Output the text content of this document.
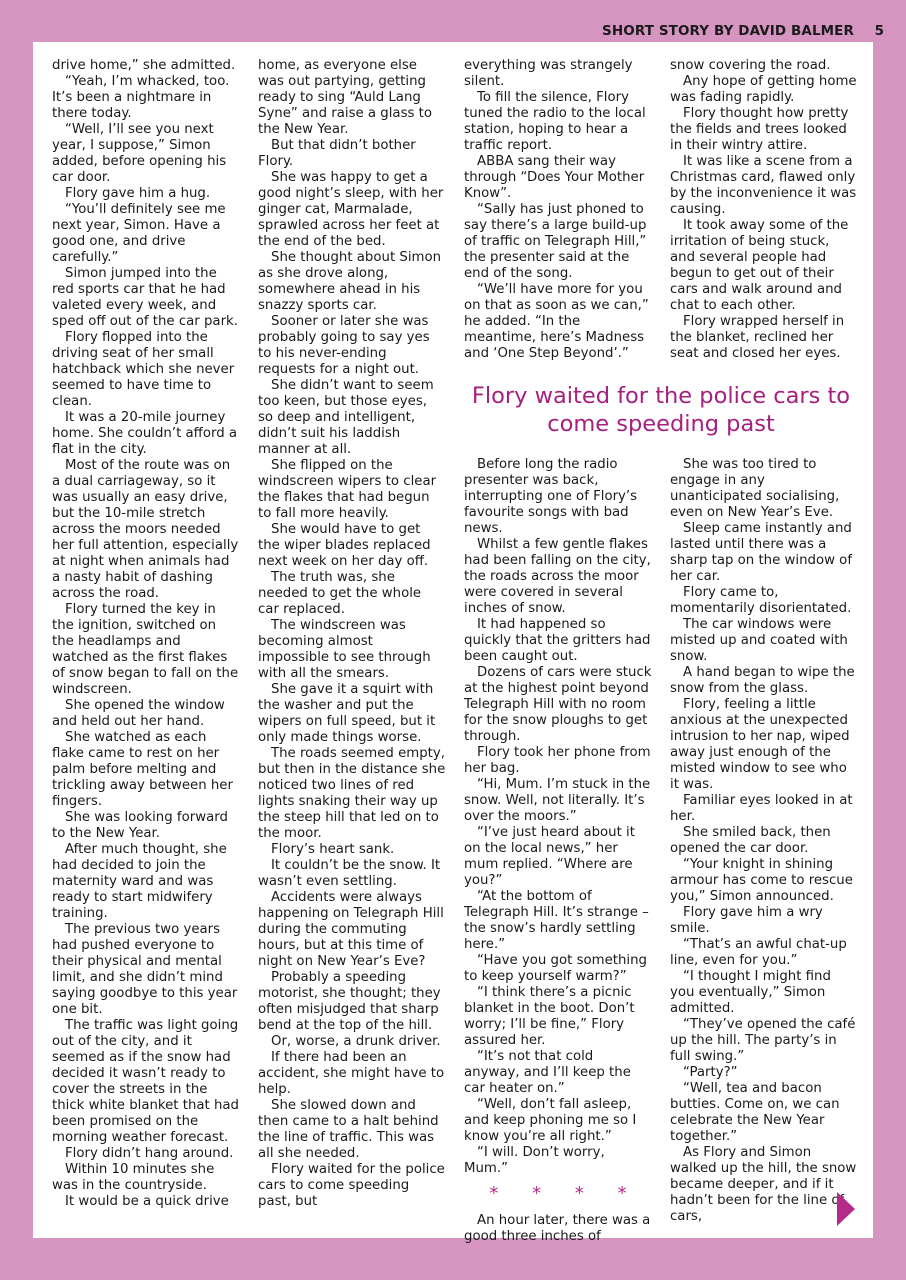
SHORT STORY BY DAVID BALMER 5

drive home,” she admitted.

“Yeah, I’m whacked, too. It’s been a nightmare in there today.

“Well, I’ll see you next year, I suppose,” Simon added, before opening his car door.

Flory gave him a hug.

“You’ll definitely see me next year, Simon. Have a good one, and drive carefully.”

Simon jumped into the red sports car that he had valeted every week, and sped off out of the car park.

Flory flopped into the driving seat of her small hatchback which she never seemed to have time to clean.

It was a 20-mile journey home. She couldn’t afford a flat in the city.

Most of the route was on a dual carriageway, so it was usually an easy drive, but the 10-mile stretch across the moors needed her full attention, especially at night when animals had a nasty habit of dashing across the road.

Flory turned the key in the ignition, switched on the headlamps and watched as the first flakes of snow began to fall on the windscreen.

She opened the window and held out her hand.

She watched as each flake came to rest on her palm before melting and trickling away between her fingers.

She was looking forward to the New Year.

After much thought, she had decided to join the maternity ward and was ready to start midwifery training.

The previous two years had pushed everyone to their physical and mental limit, and she didn’t mind saying goodbye to this year one bit.

The traffic was light going out of the city, and it seemed as if the snow had decided it wasn’t ready to cover the streets in the thick white blanket that had been promised on the morning weather forecast.

Flory didn’t hang around.

Within 10 minutes she was in the countryside.

It would be a quick drive

home, as everyone else was out partying, getting ready to sing “Auld Lang Syne” and raise a glass to the New Year.

But that didn’t bother Flory.

She was happy to get a good night’s sleep, with her ginger cat, Marmalade, sprawled across her feet at the end of the bed.

She thought about Simon as she drove along, somewhere ahead in his snazzy sports car.

Sooner or later she was probably going to say yes to his never-ending requests for a night out.

She didn’t want to seem too keen, but those eyes, so deep and intelligent, didn’t suit his laddish manner at all.

She flipped on the windscreen wipers to clear the flakes that had begun to fall more heavily.

She would have to get the wiper blades replaced next week on her day off.

The truth was, she needed to get the whole car replaced.

The windscreen was becoming almost impossible to see through with all the smears.

She gave it a squirt with the washer and put the wipers on full speed, but it only made things worse.

The roads seemed empty, but then in the distance she noticed two lines of red lights snaking their way up the steep hill that led on to the moor.

Flory’s heart sank.

It couldn’t be the snow. It wasn’t even settling.

Accidents were always happening on Telegraph Hill during the commuting hours, but at this time of night on New Year’s Eve?

Probably a speeding motorist, she thought; they often misjudged that sharp bend at the top of the hill.

Or, worse, a drunk driver.

If there had been an accident, she might have to help.

She slowed down and then came to a halt behind the line of traffic. This was all she needed.

Flory waited for the police cars to come speeding past, but

everything was strangely silent.

To fill the silence, Flory tuned the radio to the local station, hoping to hear a traffic report.

ABBA sang their way through “Does Your Mother Know”.

“Sally has just phoned to say there’s a large build-up of traffic on Telegraph Hill,” the presenter said at the end of the song.

“We’ll have more for you on that as soon as we can,” he added. “In the meantime, here’s Madness and ‘One Step Beyond’.”

snow covering the road.

Any hope of getting home was fading rapidly.

Flory thought how pretty the fields and trees looked in their wintry attire.

It was like a scene from a Christmas card, flawed only by the inconvenience it was causing.

It took away some of the irritation of being stuck, and several people had begun to get out of their cars and walk around and chat to each other.

Flory wrapped herself in the blanket, reclined her seat and closed her eyes.

Flory waited for the police cars to come speeding past

Before long the radio presenter was back, interrupting one of Flory’s favourite songs with bad news.

Whilst a few gentle flakes had been falling on the city, the roads across the moor were covered in several inches of snow.

It had happened so quickly that the gritters had been caught out.

Dozens of cars were stuck at the highest point beyond Telegraph Hill with no room for the snow ploughs to get through.

Flory took her phone from her bag.

“Hi, Mum. I’m stuck in the snow. Well, not literally. It’s over the moors.”

“I’ve just heard about it on the local news,” her mum replied. “Where are you?”

“At the bottom of Telegraph Hill. It’s strange – the snow’s hardly settling here.”

“Have you got something to keep yourself warm?”

“I think there’s a picnic blanket in the boot. Don’t worry; I’ll be fine,” Flory assured her.

“It’s not that cold anyway, and I’ll keep the car heater on.”

“Well, don’t fall asleep, and keep phoning me so I know you’re all right.”

“I will. Don’t worry, Mum.”

* * * *

An hour later, there was a good three inches of

She was too tired to engage in any unanticipated socialising, even on New Year’s Eve.

Sleep came instantly and lasted until there was a sharp tap on the window of her car.

Flory came to, momentarily disorientated.

The car windows were misted up and coated with snow.

A hand began to wipe the snow from the glass.

Flory, feeling a little anxious at the unexpected intrusion to her nap, wiped away just enough of the misted window to see who it was.

Familiar eyes looked in at her.

She smiled back, then opened the car door.

“Your knight in shining armour has come to rescue you,” Simon announced.

Flory gave him a wry smile.

“That’s an awful chat-up line, even for you.”

“I thought I might find you eventually,” Simon admitted.

“They’ve opened the café up the hill. The party’s in full swing.”

“Party?”

“Well, tea and bacon butties. Come on, we can celebrate the New Year together.”

As Flory and Simon walked up the hill, the snow became deeper, and if it hadn’t been for the line of cars,
